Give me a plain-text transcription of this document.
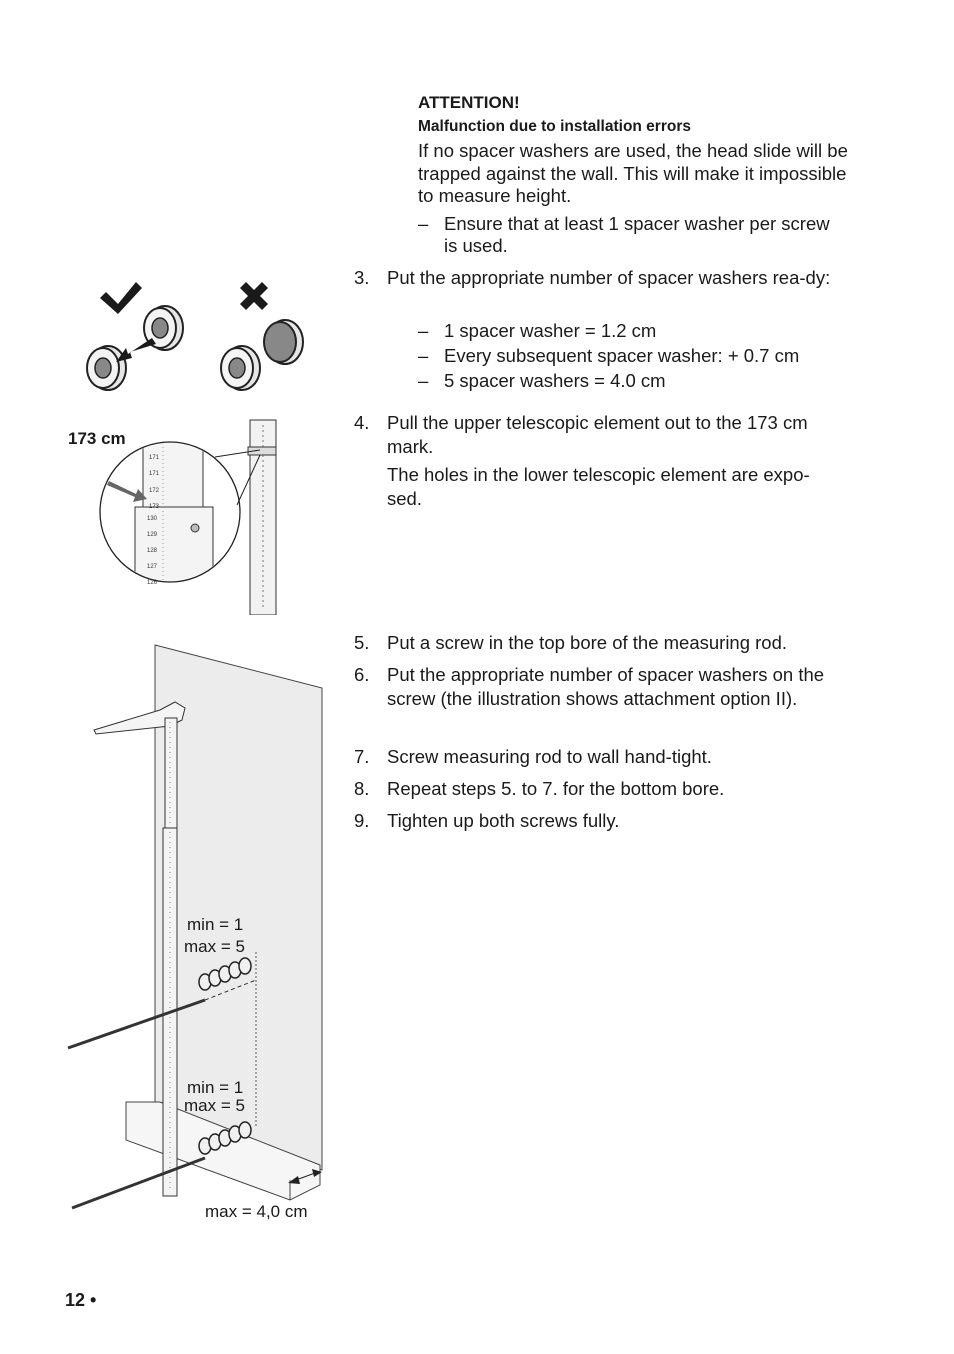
ATTENTION!
Malfunction due to installation errors
If no spacer washers are used, the head slide will be trapped against the wall. This will make it impossible to measure height.
– Ensure that at least 1 spacer washer per screw is used.
3. Put the appropriate number of spacer washers rea-dy:
– 1 spacer washer = 1.2 cm
– Every subsequent spacer washer: + 0.7 cm
– 5 spacer washers = 4.0 cm
4. Pull the upper telescopic element out to the 173 cm mark.
The holes in the lower telescopic element are expo-sed.
5. Put a screw in the top bore of the measuring rod.
6. Put the appropriate number of spacer washers on the screw (the illustration shows attachment option II).
7. Screw measuring rod to wall hand-tight.
8. Repeat steps 5. to 7. for the bottom bore.
9. Tighten up both screws fully.
173 cm
171
171
172
173
130
129
128
127
126
min = 1
max = 5
min = 1
max = 5
max = 4,0 cm
12 •
